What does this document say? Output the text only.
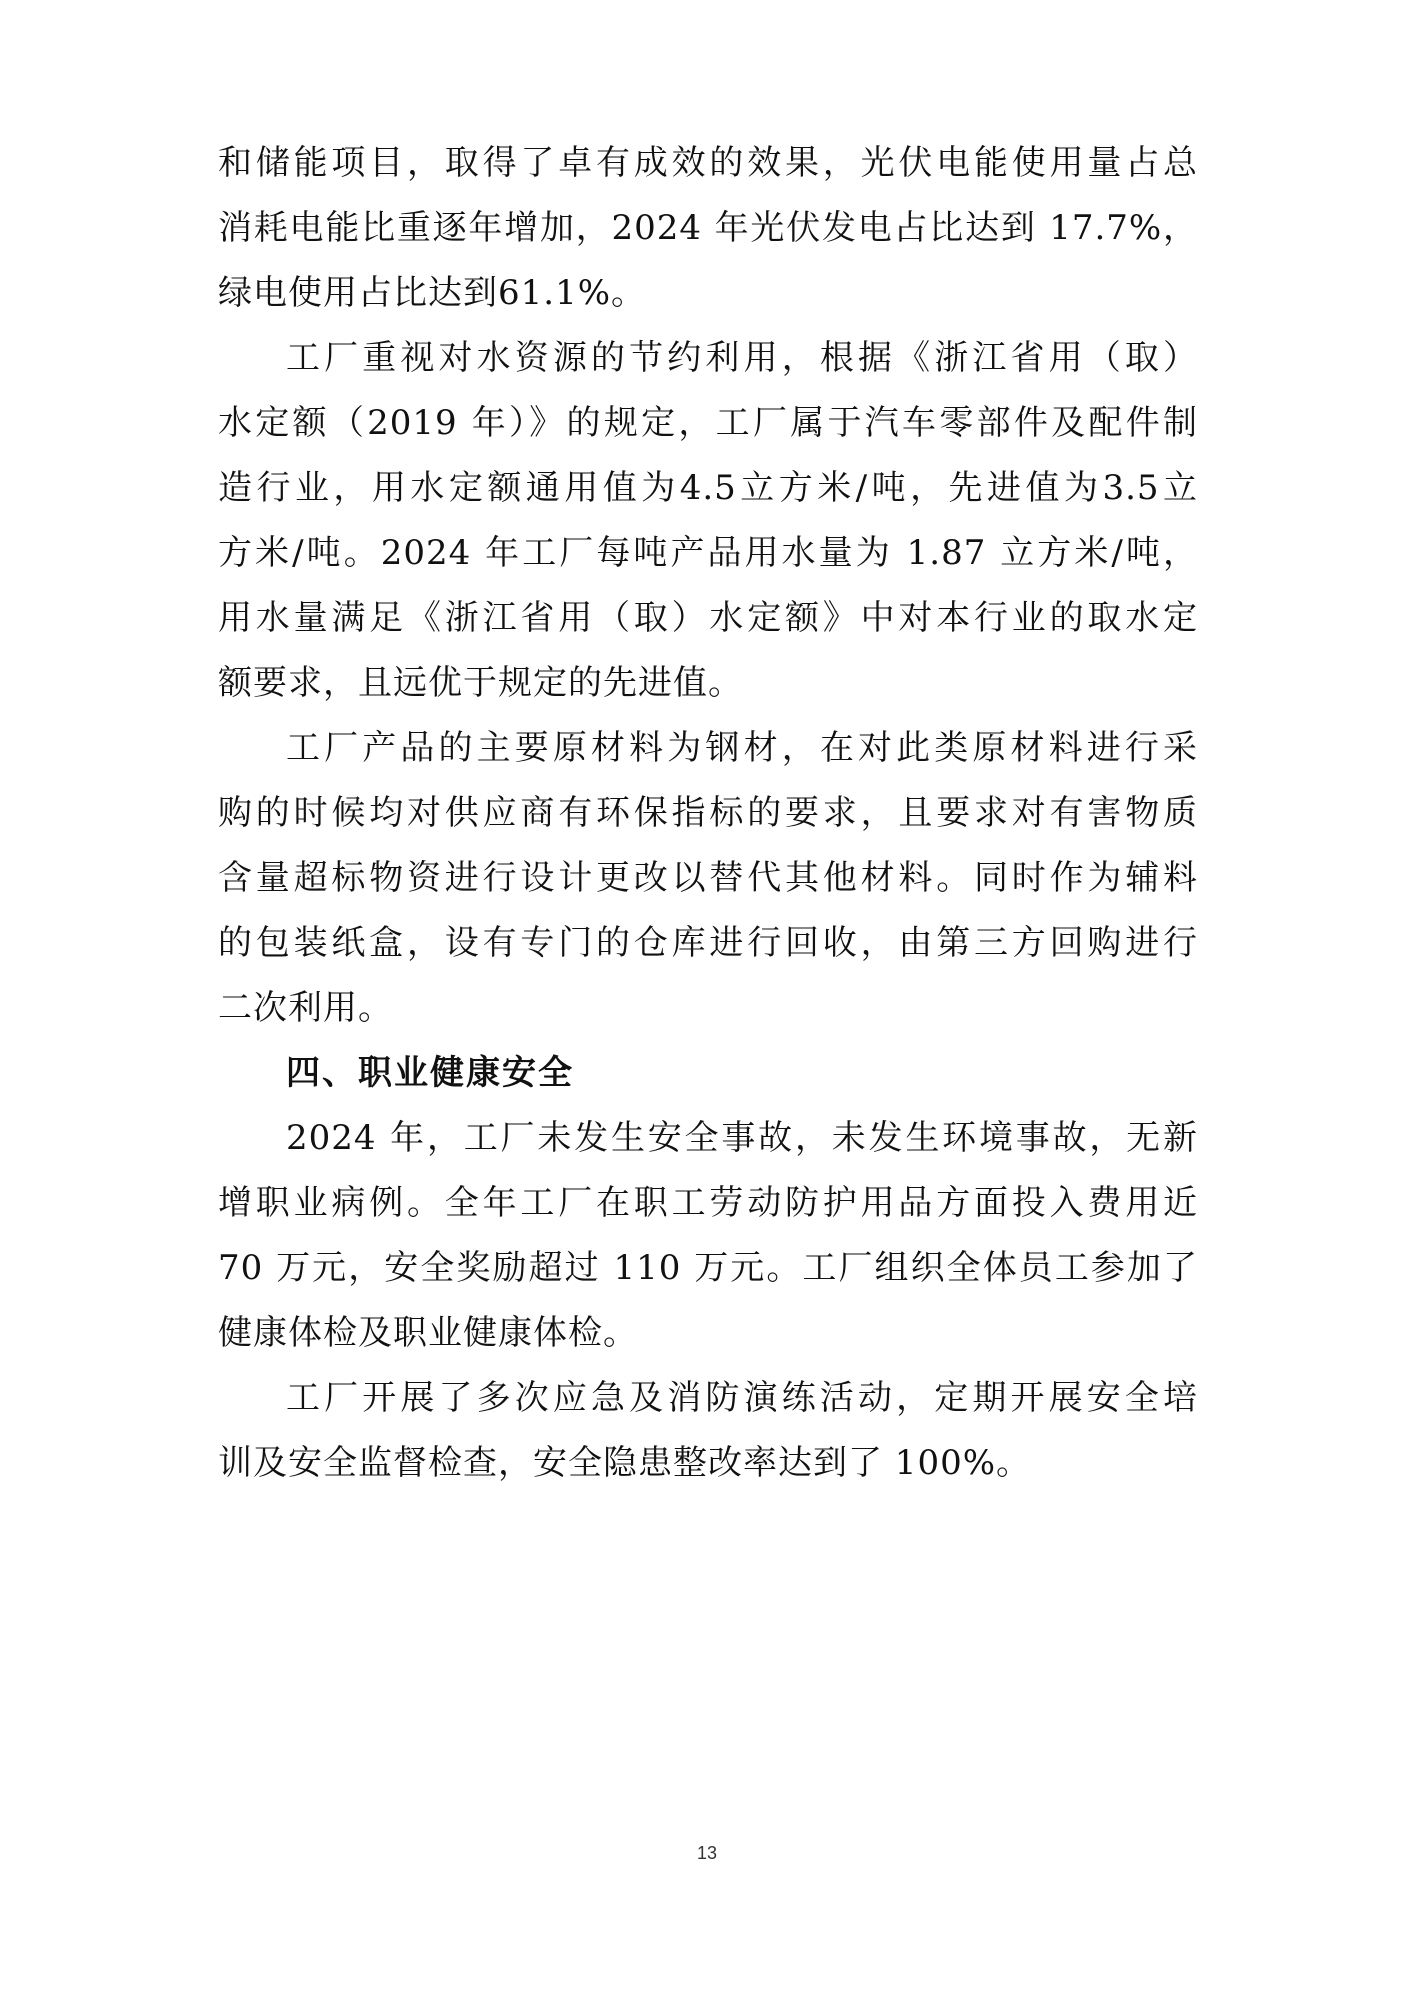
和储能项目，取得了卓有成效的效果，光伏电能使用量占总

消耗电能比重逐年增加，2024 年光伏发电占比达到 17.7%，

绿电使用占比达到61.1%。

工厂重视对水资源的节约利用，根据《浙江省用（取）

水定额（2019 年）》的规定，工厂属于汽车零部件及配件制

造行业，用水定额通用值为4.5立方米/吨，先进值为3.5立

方米/吨。2024 年工厂每吨产品用水量为 1.87 立方米/吨，

用水量满足《浙江省用（取）水定额》中对本行业的取水定

额要求，且远优于规定的先进值。

工厂产品的主要原材料为钢材，在对此类原材料进行采

购的时候均对供应商有环保指标的要求，且要求对有害物质

含量超标物资进行设计更改以替代其他材料。同时作为辅料

的包装纸盒，设有专门的仓库进行回收，由第三方回购进行

二次利用。

四、职业健康安全

2024 年，工厂未发生安全事故，未发生环境事故，无新

增职业病例。全年工厂在职工劳动防护用品方面投入费用近

70 万元，安全奖励超过 110 万元。工厂组织全体员工参加了

健康体检及职业健康体检。

工厂开展了多次应急及消防演练活动，定期开展安全培

训及安全监督检查，安全隐患整改率达到了 100%。

13
